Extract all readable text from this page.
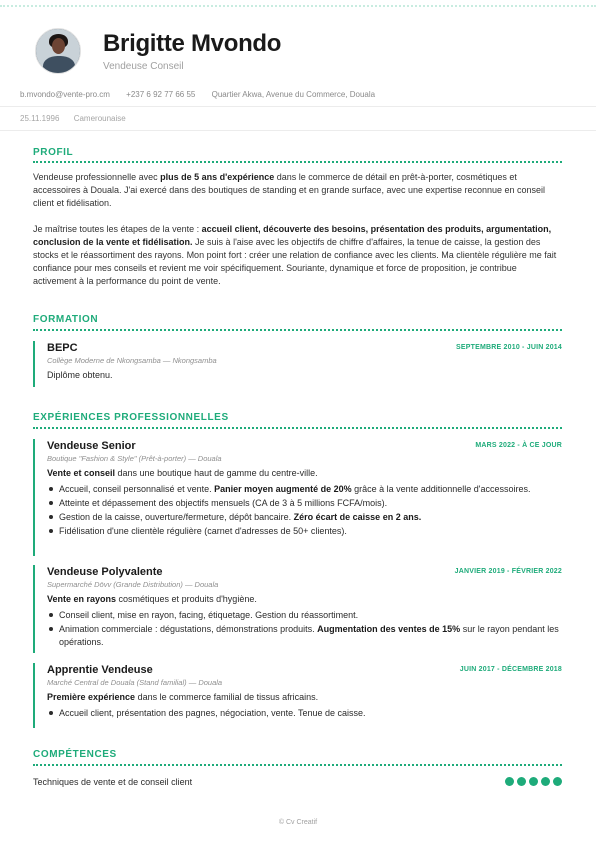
Brigitte Mvondo
Vendeuse Conseil
b.mvondo@vente-pro.cm +237 6 92 77 66 55 Quartier Akwa, Avenue du Commerce, Douala
25.11.1996 Camerounaise
PROFIL
Vendeuse professionnelle avec plus de 5 ans d'expérience dans le commerce de détail en prêt-à-porter, cosmétiques et accessoires à Douala. J'ai exercé dans des boutiques de standing et en grande surface, avec une expertise reconnue en conseil client et fidélisation.
Je maîtrise toutes les étapes de la vente : accueil client, découverte des besoins, présentation des produits, argumentation, conclusion de la vente et fidélisation. Je suis à l'aise avec les objectifs de chiffre d'affaires, la tenue de caisse, la gestion des stocks et le réassortiment des rayons. Mon point fort : créer une relation de confiance avec les clients. Ma clientèle régulière me fait confiance pour mes conseils et revient me voir spécifiquement. Souriante, dynamique et force de proposition, je contribue activement à la performance du point de vente.
FORMATION
BEPC	SEPTEMBRE 2010 - JUIN 2014
Collège Moderne de Nkongsamba — Nkongsamba
Diplôme obtenu.
EXPÉRIENCES PROFESSIONNELLES
Vendeuse Senior	MARS 2022 - À CE JOUR
Boutique "Fashion & Style" (Prêt-à-porter) — Douala
Vente et conseil dans une boutique haut de gamme du centre-ville.
Accueil, conseil personnalisé et vente. Panier moyen augmenté de 20% grâce à la vente additionnelle d'accessoires.
Atteinte et dépassement des objectifs mensuels (CA de 3 à 5 millions FCFA/mois).
Gestion de la caisse, ouverture/fermeture, dépôt bancaire. Zéro écart de caisse en 2 ans.
Fidélisation d'une clientèle régulière (carnet d'adresses de 50+ clientes).
Vendeuse Polyvalente	JANVIER 2019 - FÉVRIER 2022
Supermarché Dövv (Grande Distribution) — Douala
Vente en rayons cosmétiques et produits d'hygiène.
Conseil client, mise en rayon, facing, étiquetage. Gestion du réassortiment.
Animation commerciale : dégustations, démonstrations produits. Augmentation des ventes de 15% sur le rayon pendant les opérations.
Apprentie Vendeuse	JUIN 2017 - DÉCEMBRE 2018
Marché Central de Douala (Stand familial) — Douala
Première expérience dans le commerce familial de tissus africains.
Accueil client, présentation des pagnes, négociation, vente. Tenue de caisse.
COMPÉTENCES
Techniques de vente et de conseil client
© Cv Creatif
